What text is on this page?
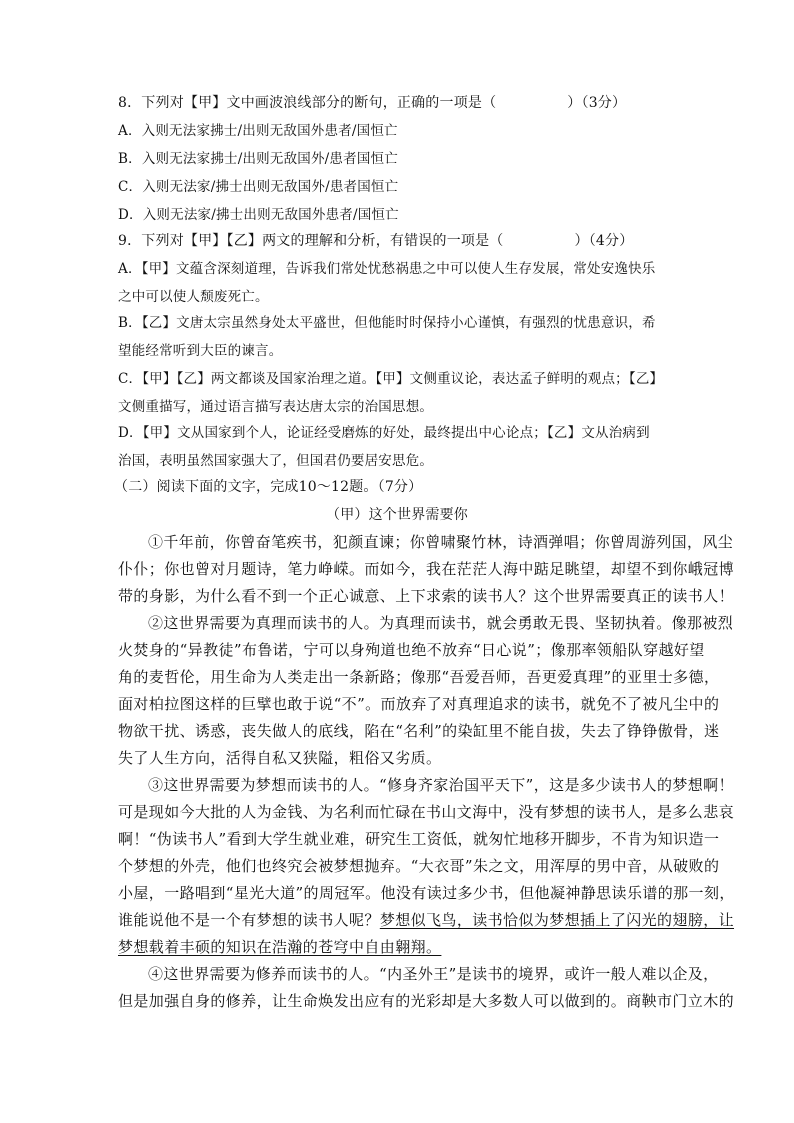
8．下列对【甲】文中画波浪线部分的断句，正确的一项是（　　　　　）（3分）
A．入则无法家拂士/出则无敌国外患者/国恒亡
B．入则无法家拂士/出则无敌国外/患者国恒亡
C．入则无法家/拂士出则无敌国外/患者国恒亡
D．入则无法家/拂士出则无敌国外患者/国恒亡
9．下列对【甲】【乙】两文的理解和分析，有错误的一项是（　　　　　）（4分）
A．【甲】文蕴含深刻道理，告诉我们常处忧愁祸患之中可以使人生存发展，常处安逸快乐
之中可以使人颓废死亡。
B．【乙】文唐太宗虽然身处太平盛世，但他能时时保持小心谨慎，有强烈的忧患意识，希
望能经常听到大臣的谏言。
C．【甲】【乙】两文都谈及国家治理之道。【甲】文侧重议论，表达孟子鲜明的观点；【乙】
文侧重描写，通过语言描写表达唐太宗的治国思想。
D．【甲】文从国家到个人，论证经受磨炼的好处，最终提出中心论点；【乙】文从治病到
治国，表明虽然国家强大了，但国君仍要居安思危。
（二）阅读下面的文字，完成10～12题。（7分）
（甲）这个世界需要你
①千年前，你曾奋笔疾书，犯颜直谏；你曾啸聚竹林，诗酒弹唱；你曾周游列国，风尘
仆仆；你也曾对月题诗，笔力峥嵘。而如今，我在茫茫人海中踮足眺望，却望不到你峨冠博
带的身影，为什么看不到一个正心诚意、上下求索的读书人？这个世界需要真正的读书人！
②这世界需要为真理而读书的人。为真理而读书，就会勇敢无畏、坚韧执着。像那被烈
火焚身的“异教徒”布鲁诺，宁可以身殉道也绝不放弃“日心说”；像那率领船队穿越好望
角的麦哲伦，用生命为人类走出一条新路；像那“吾爱吾师，吾更爱真理”的亚里士多德，
面对柏拉图这样的巨擘也敢于说“不”。而放弃了对真理追求的读书，就免不了被凡尘中的
物欲干扰、诱惑，丧失做人的底线，陷在“名利”的染缸里不能自拔，失去了铮铮傲骨，迷
失了人生方向，活得自私又狭隘，粗俗又劣质。
③这世界需要为梦想而读书的人。“修身齐家治国平天下”，这是多少读书人的梦想啊！
可是现如今大批的人为金钱、为名利而忙碌在书山文海中，没有梦想的读书人，是多么悲哀
啊！“伪读书人”看到大学生就业难，研究生工资低，就匆忙地移开脚步，不肯为知识造一
个梦想的外壳，他们也终究会被梦想抛弃。“大衣哥”朱之文，用浑厚的男中音，从破败的
小屋，一路唱到“星光大道”的周冠军。他没有读过多少书，但他凝神静思读乐谱的那一刻，
谁能说他不是一个有梦想的读书人呢？梦想似飞鸟，读书恰似为梦想插上了闪光的翅膀，让
梦想载着丰硕的知识在浩瀚的苍穹中自由翱翔。
④这世界需要为修养而读书的人。“内圣外王”是读书的境界，或许一般人难以企及，
但是加强自身的修养，让生命焕发出应有的光彩却是大多数人可以做到的。商鞅市门立木的
